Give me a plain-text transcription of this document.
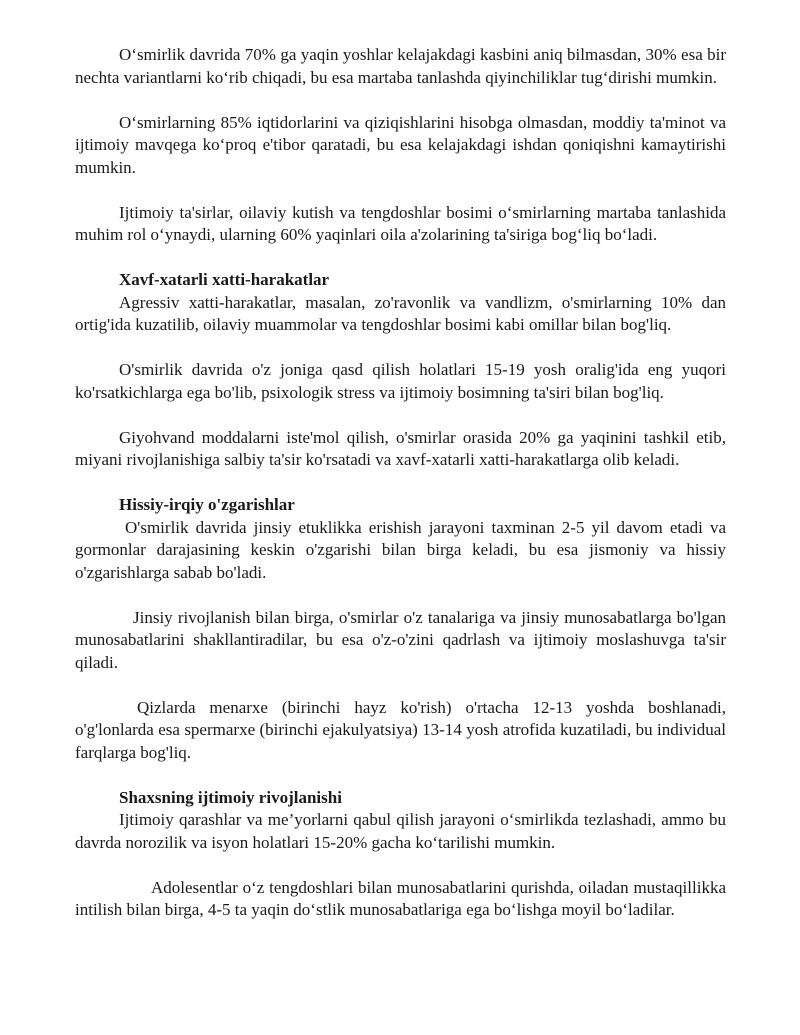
O‘smirlik davrida 70% ga yaqin yoshlar kelajakdagi kasbini aniq bilmasdan, 30% esa bir nechta variantlarni ko‘rib chiqadi, bu esa martaba tanlashda qiyinchiliklar tug‘dirishi mumkin.

O‘smirlarning 85% iqtidorlarini va qiziqishlarini hisobga olmasdan, moddiy ta'minot va ijtimoiy mavqega ko‘proq e'tibor qaratadi, bu esa kelajakdagi ishdan qoniqishni kamaytirishi mumkin.

Ijtimoiy ta'sirlar, oilaviy kutish va tengdoshlar bosimi o‘smirlarning martaba tanlashida muhim rol o‘ynaydi, ularning 60% yaqinlari oila a'zolarining ta'siriga bog‘liq bo‘ladi.

Xavf-xatarli xatti-harakatlar

Agressiv xatti-harakatlar, masalan, zo'ravonlik va vandlizm, o'smirlarning 10% dan ortig'ida kuzatilib, oilaviy muammolar va tengdoshlar bosimi kabi omillar bilan bog'liq.

O'smirlik davrida o'z joniga qasd qilish holatlari 15-19 yosh oralig'ida eng yuqori ko'rsatkichlarga ega bo'lib, psixologik stress va ijtimoiy bosimning ta'siri bilan bog'liq.

Giyohvand moddalarni iste'mol qilish, o'smirlar orasida 20% ga yaqinini tashkil etib, miyani rivojlanishiga salbiy ta'sir ko'rsatadi va xavf-xatarli xatti-harakatlarga olib keladi.

Hissiy-irqiy o'zgarishlar

O'smirlik davrida jinsiy etuklikka erishish jarayoni taxminan 2-5 yil davom etadi va gormonlar darajasining keskin o'zgarishi bilan birga keladi, bu esa jismoniy va hissiy o'zgarishlarga sabab bo'ladi.

Jinsiy rivojlanish bilan birga, o'smirlar o'z tanalariga va jinsiy munosabatlarga bo'lgan munosabatlarini shakllantiradilar, bu esa o'z-o'zini qadrlash va ijtimoiy moslashuvga ta'sir qiladi.

Qizlarda menarxe (birinchi hayz ko'rish) o'rtacha 12-13 yoshda boshlanadi, o'g'lonlarda esa spermarxe (birinchi ejakulyatsiya) 13-14 yosh atrofida kuzatiladi, bu individual farqlarga bog'liq.

Shaxsning ijtimoiy rivojlanishi

Ijtimoiy qarashlar va me’yorlarni qabul qilish jarayoni o‘smirlikda tezlashadi, ammo bu davrda norozilik va isyon holatlari 15-20% gacha ko‘tarilishi mumkin.

Adolesentlar o‘z tengdoshlari bilan munosabatlarini qurishda, oiladan mustaqillikka intilish bilan birga, 4-5 ta yaqin do‘stlik munosabatlariga ega bo‘lishga moyil bo‘ladilar.
